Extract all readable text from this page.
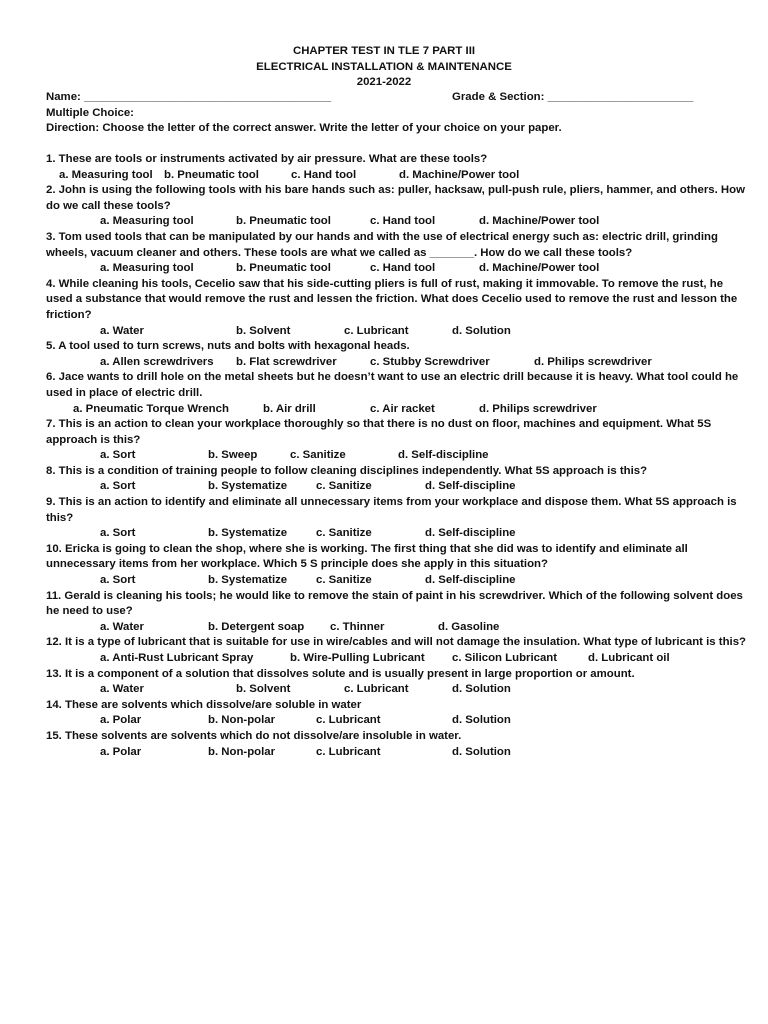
CHAPTER TEST IN TLE 7 PART III
ELECTRICAL INSTALLATION & MAINTENANCE
2021-2022
Name: _______________________________________	Grade & Section: _______________________
Multiple Choice:
Direction: Choose the letter of the correct answer. Write the letter of your choice on your paper.
1. These are tools or instruments activated by air pressure. What are these tools?
a. Measuring tool b. Pneumatic tool	c. Hand tool	d. Machine/Power tool
2. John is using the following tools with his bare hands such as: puller, hacksaw, pull-push rule, pliers, hammer, and others. How do we call these tools?
a. Measuring tool	b. Pneumatic tool	c. Hand tool	d. Machine/Power tool
3. Tom used tools that can be manipulated by our hands and with the use of electrical energy such as: electric drill, grinding wheels, vacuum cleaner and others. These tools are what we called as _______. How do we call these tools?
a. Measuring tool	b. Pneumatic tool	c. Hand tool	d. Machine/Power tool
4. While cleaning his tools, Cecelio saw that his side-cutting pliers is full of rust, making it immovable. To remove the rust, he used a substance that would remove the rust and lessen the friction. What does Cecelio used to remove the rust and lesson the friction?
a. Water	b. Solvent	c. Lubricant	d. Solution
5. A tool used to turn screws, nuts and bolts with hexagonal heads.
a. Allen screwdrivers b. Flat screwdriver	c. Stubby Screwdriver	d. Philips screwdriver
6. Jace wants to drill hole on the metal sheets but he doesn’t want to use an electric drill because it is heavy. What tool could he used in place of electric drill.
a. Pneumatic Torque Wrench	b. Air drill	c. Air racket	d. Philips screwdriver
7. This is an action to clean your workplace thoroughly so that there is no dust on floor, machines and equipment. What 5S approach is this?
a. Sort	b. Sweep	c. Sanitize	d. Self-discipline
8. This is a condition of training people to follow cleaning disciplines independently. What 5S approach is this?
a. Sort	b. Systematize	c. Sanitize	d. Self-discipline
9. This is an action to identify and eliminate all unnecessary items from your workplace and dispose them. What 5S approach is this?
a. Sort	b. Systematize	c. Sanitize	d. Self-discipline
10. Ericka is going to clean the shop, where she is working. The first thing that she did was to identify and eliminate all unnecessary items from her workplace. Which 5 S principle does she apply in this situation?
a. Sort	b. Systematize	c. Sanitize	d. Self-discipline
11. Gerald is cleaning his tools; he would like to remove the stain of paint in his screwdriver. Which of the following solvent does he need to use?
a. Water	b. Detergent soap c. Thinner	d. Gasoline
12. It is a type of lubricant that is suitable for use in wire/cables and will not damage the insulation. What type of lubricant is this?
a. Anti-Rust Lubricant Spray	b. Wire-Pulling Lubricant c. Silicon Lubricant	d. Lubricant oil
13. It is a component of a solution that dissolves solute and is usually present in large proportion or amount.
a. Water	b. Solvent	c. Lubricant	d. Solution
14. These are solvents which dissolve/are soluble in water
a. Polar	b. Non-polar	c. Lubricant	d. Solution
15. These solvents are solvents which do not dissolve/are insoluble in water.
a. Polar	b. Non-polar	c. Lubricant	d. Solution
